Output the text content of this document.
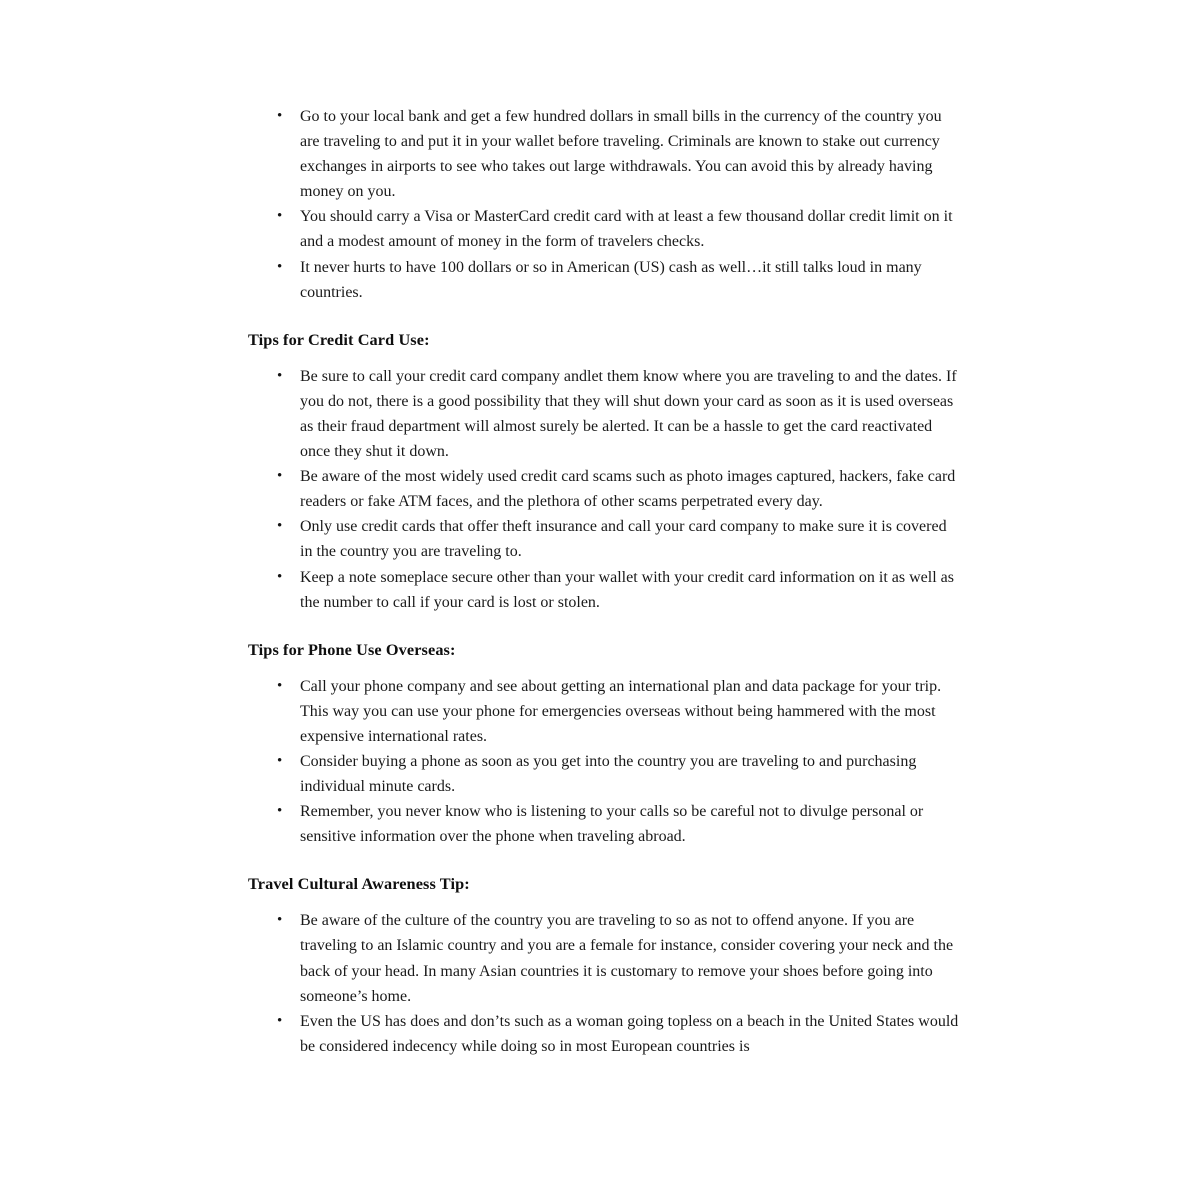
• Go to your local bank and get a few hundred dollars in small bills in the currency of the country you are traveling to and put it in your wallet before traveling. Criminals are known to stake out currency exchanges in airports to see who takes out large withdrawals. You can avoid this by already having money on you.
• You should carry a Visa or MasterCard credit card with at least a few thousand dollar credit limit on it and a modest amount of money in the form of travelers checks.
• It never hurts to have 100 dollars or so in American (US) cash as well…it still talks loud in many countries.
Tips for Credit Card Use:
• Be sure to call your credit card company andlet them know where you are traveling to and the dates. If you do not, there is a good possibility that they will shut down your card as soon as it is used overseas as their fraud department will almost surely be alerted. It can be a hassle to get the card reactivated once they shut it down.
• Be aware of the most widely used credit card scams such as photo images captured, hackers, fake card readers or fake ATM faces, and the plethora of other scams perpetrated every day.
• Only use credit cards that offer theft insurance and call your card company to make sure it is covered in the country you are traveling to.
• Keep a note someplace secure other than your wallet with your credit card information on it as well as the number to call if your card is lost or stolen.
Tips for Phone Use Overseas:
• Call your phone company and see about getting an international plan and data package for your trip. This way you can use your phone for emergencies overseas without being hammered with the most expensive international rates.
• Consider buying a phone as soon as you get into the country you are traveling to and purchasing individual minute cards.
• Remember, you never know who is listening to your calls so be careful not to divulge personal or sensitive information over the phone when traveling abroad.
Travel Cultural Awareness Tip:
• Be aware of the culture of the country you are traveling to so as not to offend anyone. If you are traveling to an Islamic country and you are a female for instance, consider covering your neck and the back of your head. In many Asian countries it is customary to remove your shoes before going into someone’s home.
• Even the US has does and don’ts such as a woman going topless on a beach in the United States would be considered indecency while doing so in most European countries is
